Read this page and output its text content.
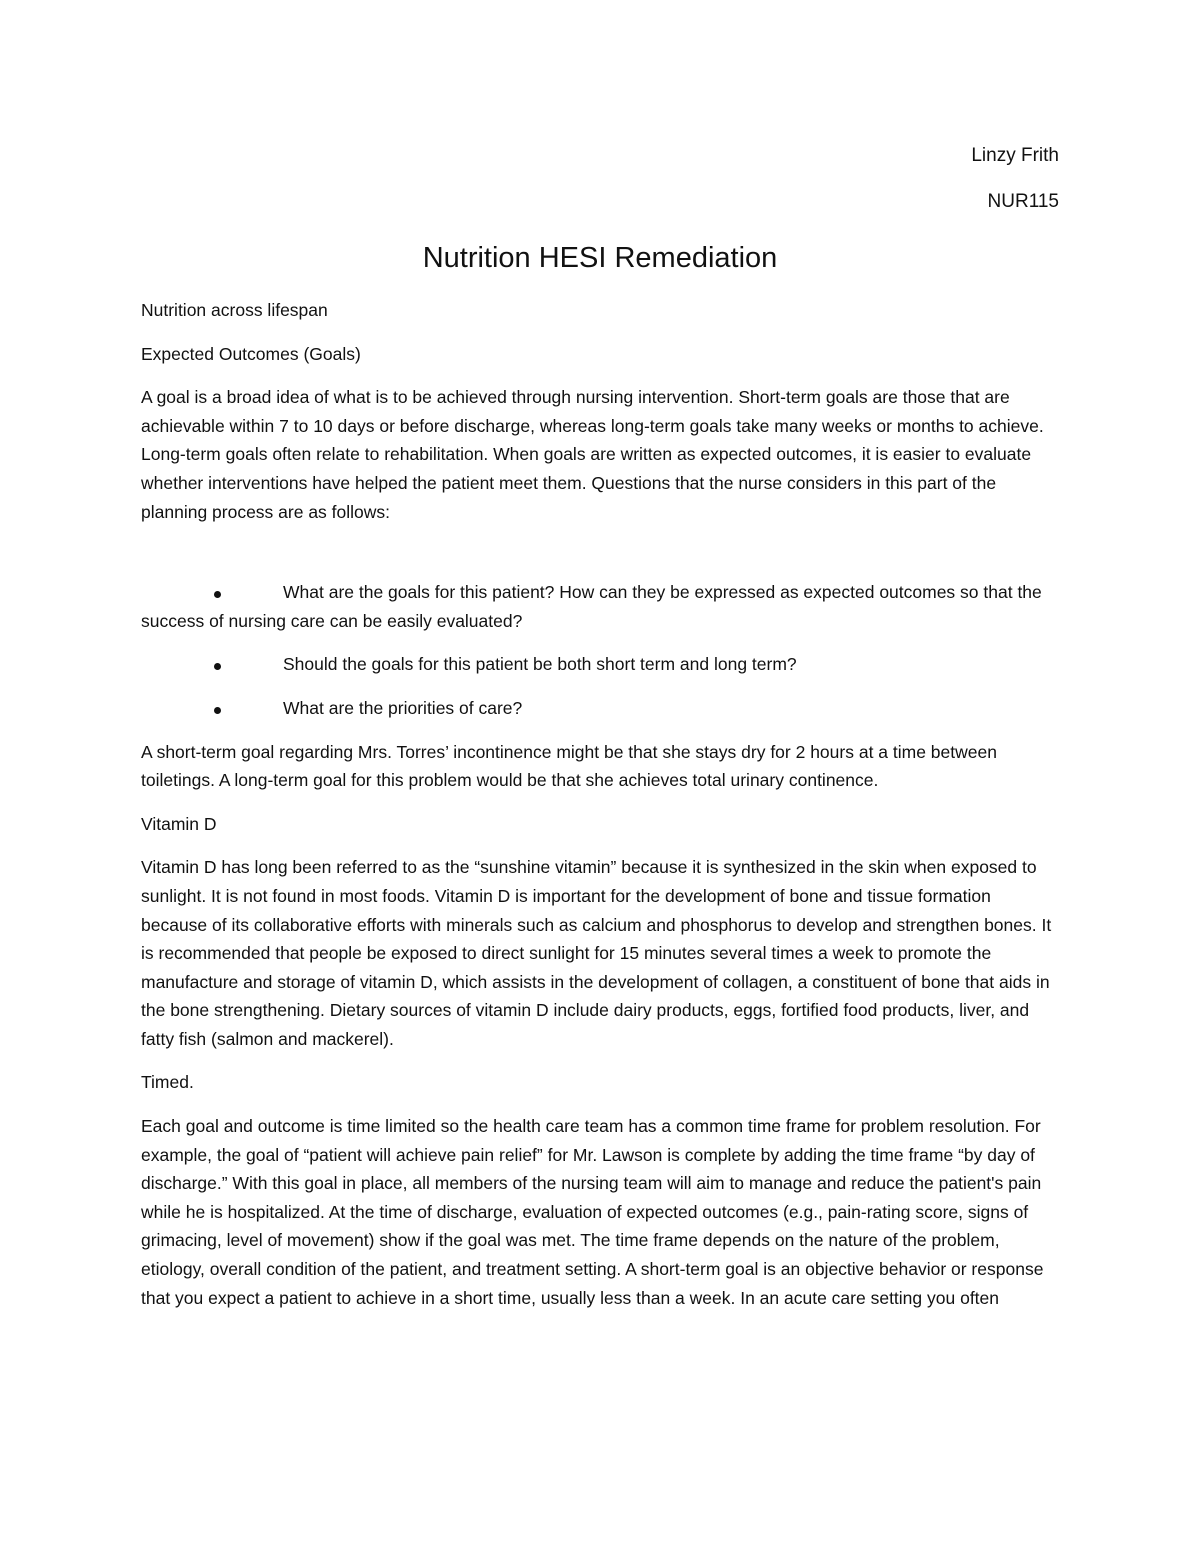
Linzy Frith
NUR115
Nutrition HESI Remediation

Nutrition across lifespan

Expected Outcomes (Goals)

A goal is a broad idea of what is to be achieved through nursing intervention. Short-term goals are those that are achievable within 7 to 10 days or before discharge, whereas long-term goals take many weeks or months to achieve. Long-term goals often relate to rehabilitation. When goals are written as expected outcomes, it is easier to evaluate whether interventions have helped the patient meet them. Questions that the nurse considers in this part of the planning process are as follows:

What are the goals for this patient? How can they be expressed as expected outcomes so that the success of nursing care can be easily evaluated?
Should the goals for this patient be both short term and long term?
What are the priorities of care?

A short-term goal regarding Mrs. Torres’ incontinence might be that she stays dry for 2 hours at a time between toiletings. A long-term goal for this problem would be that she achieves total urinary continence.

Vitamin D

Vitamin D has long been referred to as the “sunshine vitamin” because it is synthesized in the skin when exposed to sunlight. It is not found in most foods. Vitamin D is important for the development of bone and tissue formation because of its collaborative efforts with minerals such as calcium and phosphorus to develop and strengthen bones. It is recommended that people be exposed to direct sunlight for 15 minutes several times a week to promote the manufacture and storage of vitamin D, which assists in the development of collagen, a constituent of bone that aids in the bone strengthening. Dietary sources of vitamin D include dairy products, eggs, fortified food products, liver, and fatty fish (salmon and mackerel).

Timed.

Each goal and outcome is time limited so the health care team has a common time frame for problem resolution. For example, the goal of “patient will achieve pain relief” for Mr. Lawson is complete by adding the time frame “by day of discharge.” With this goal in place, all members of the nursing team will aim to manage and reduce the patient's pain while he is hospitalized. At the time of discharge, evaluation of expected outcomes (e.g., pain-rating score, signs of grimacing, level of movement) show if the goal was met. The time frame depends on the nature of the problem, etiology, overall condition of the patient, and treatment setting. A short-term goal is an objective behavior or response that you expect a patient to achieve in a short time, usually less than a week. In an acute care setting you often
